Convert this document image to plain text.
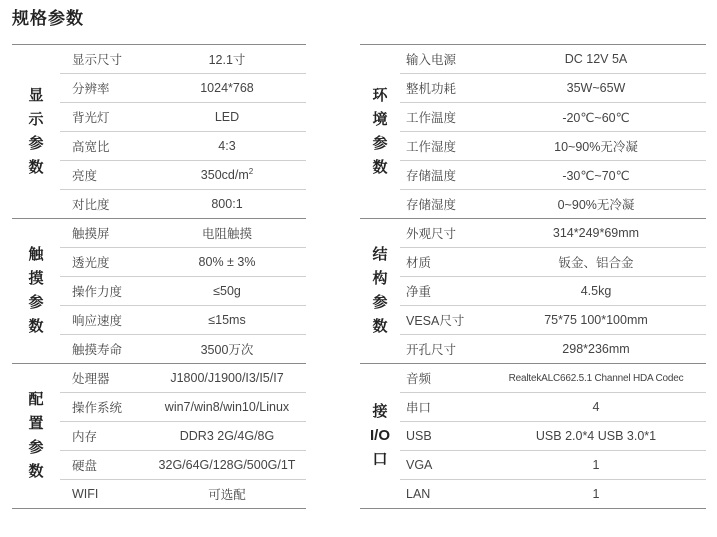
规格参数
显
示
参
数
显示尺寸	12.1寸
分辨率	1024*768
背光灯	LED
高宽比	4:3
亮度	$350cd/m^2$
对比度	800:1
触
摸
参
数
触摸屏	电阻触摸
透光度	80% ± 3%
操作力度	≤50g
响应速度	≤15ms
触摸寿命	3500万次
配
置
参
数
处理器	J1800/J1900/I3/I5/I7
操作系统	win7/win8/win10/Linux
内存	DDR3 2G/4G/8G
硬盘	32G/64G/128G/500G/1T
WIFI	可选配
环
境
参
数
输入电源	DC 12V 5A
整机功耗	35W~65W
工作温度	-20℃~60℃
工作湿度	10~90%无冷凝
存储温度	-30℃~70℃
存储湿度	0~90%无冷凝
结
构
参
数
外观尺寸	314*249*69mm
材质	钣金、铝合金
净重	4.5kg
VESA尺寸	75*75 100*100mm
开孔尺寸	298*236mm
接
I/O
口
音频	RealtekALC662.5.1 Channel HDA Codec
串口	4
USB	USB 2.0*4 USB 3.0*1
VGA	1
LAN	1
